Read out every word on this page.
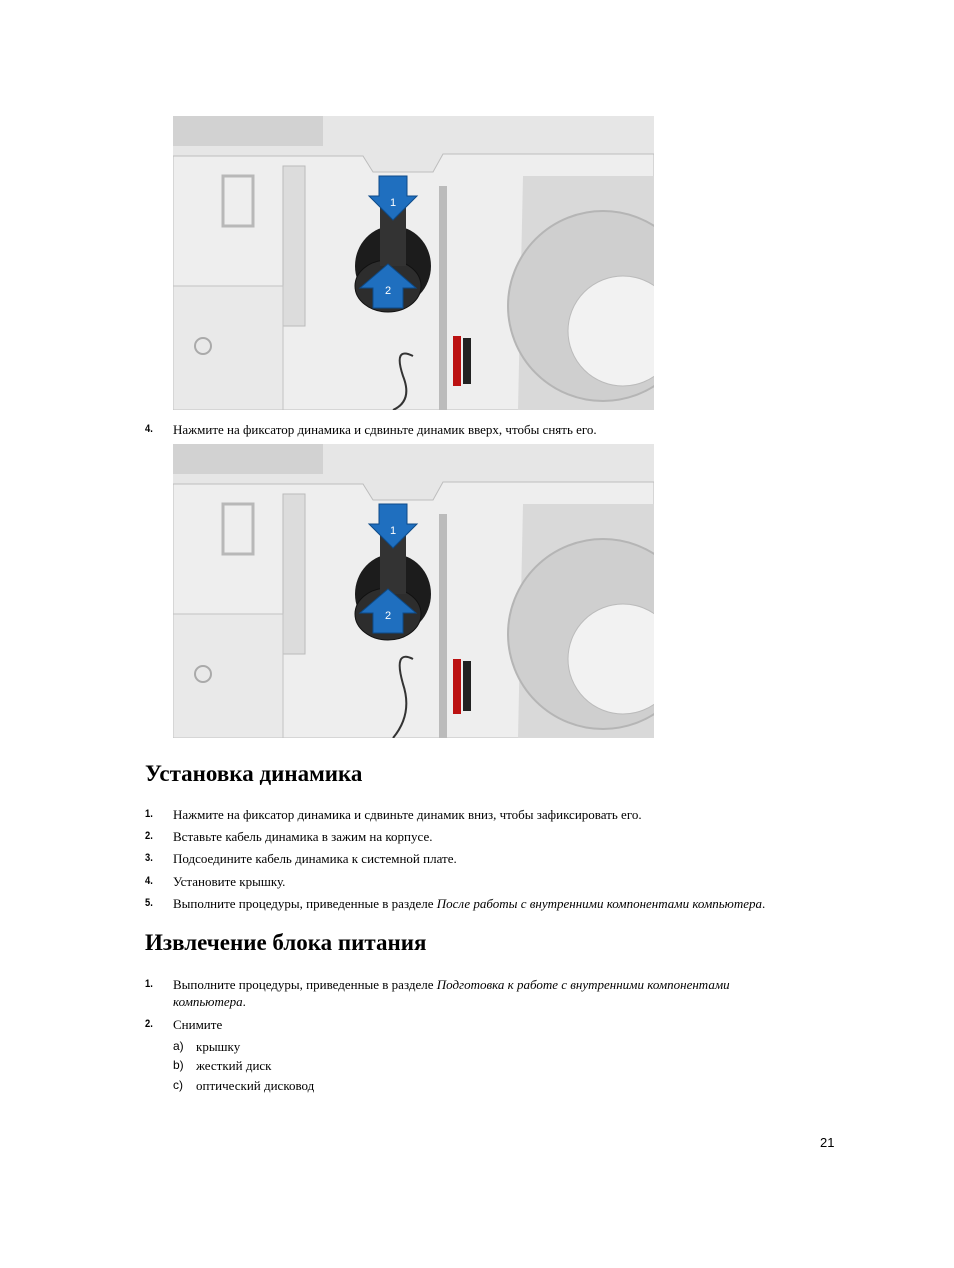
1
2
4.	Нажмите на фиксатор динамика и сдвиньте динамик вверх, чтобы снять его.
1
2
Установка динамика
1.	Нажмите на фиксатор динамика и сдвиньте динамик вниз, чтобы зафиксировать его.
2.	Вставьте кабель динамика в зажим на корпусе.
3.	Подсоедините кабель динамика к системной плате.
4.	Установите крышку.
5.	Выполните процедуры, приведенные в разделе После работы с внутренними компонентами компьютера.
Извлечение блока питания
1.	Выполните процедуры, приведенные в разделе Подготовка к работе с внутренними компонентами компьютера.
2.	Снимите
a) крышку
b) жесткий диск
c) оптический дисковод
21
